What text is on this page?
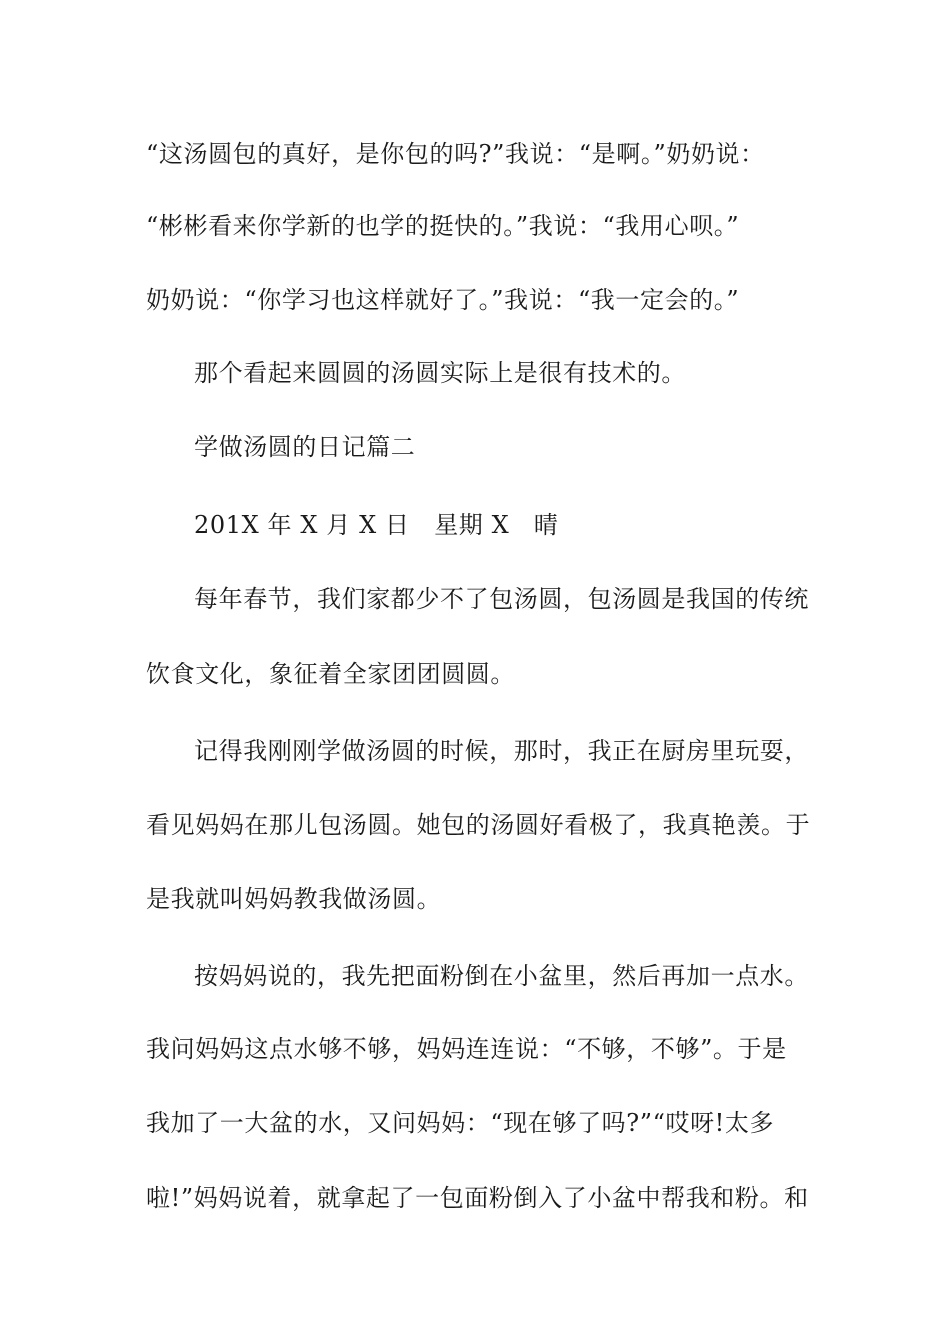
“这汤圆包的真好，是你包的吗?”我说：“是啊。”奶奶说：
“彬彬看来你学新的也学的挺快的。”我说：“我用心呗。”
奶奶说：“你学习也这样就好了。”我说：“我一定会的。”
那个看起来圆圆的汤圆实际上是很有技术的。
学做汤圆的日记篇二
201X 年 X 月 X 日　星期 X　晴
每年春节，我们家都少不了包汤圆，包汤圆是我国的传统
饮食文化，象征着全家团团圆圆。
记得我刚刚学做汤圆的时候，那时，我正在厨房里玩耍，
看见妈妈在那儿包汤圆。她包的汤圆好看极了，我真艳羡。于
是我就叫妈妈教我做汤圆。
按妈妈说的，我先把面粉倒在小盆里，然后再加一点水。
我问妈妈这点水够不够，妈妈连连说：“不够，不够”。于是
我加了一大盆的水，又问妈妈：“现在够了吗?”“哎呀!太多
啦!”妈妈说着，就拿起了一包面粉倒入了小盆中帮我和粉。和
